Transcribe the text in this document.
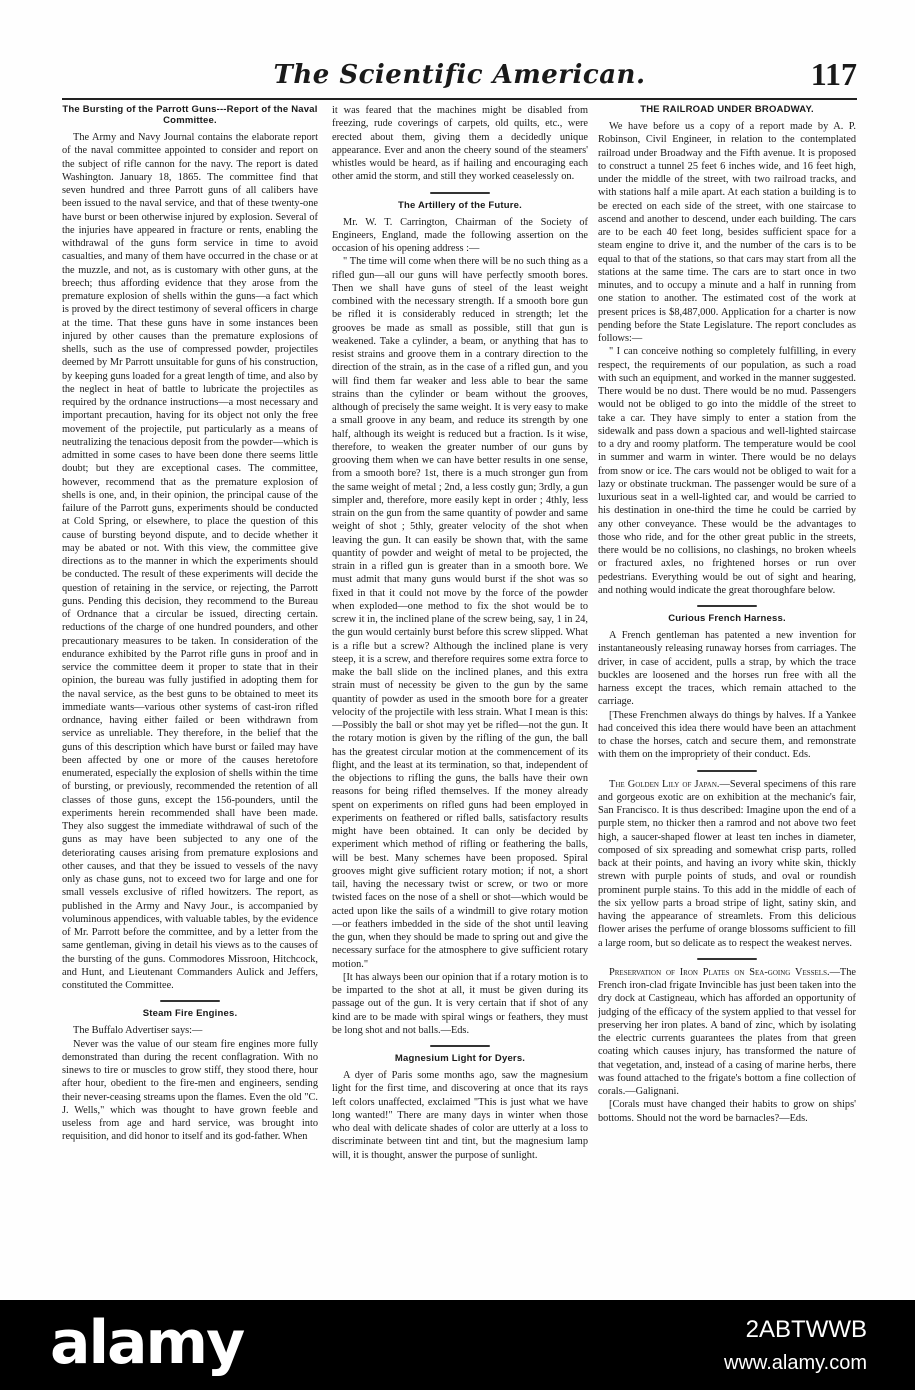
The Scientific American.	117
The Bursting of the Parrott Guns---Report of the Naval Committee.

The Army and Navy Journal contains the elaborate report of the naval committee appointed to consider and report on the subject of rifle cannon for the navy. The report is dated Washington. January 18, 1865. The committee find that seven hundred and three Parrott guns of all calibers have been issued to the naval service, and that of these twenty-one have burst or been otherwise injured by explosion. Several of the injuries have appeared in fracture or rents, enabling the withdrawal of the guns form service in time to avoid casualties, and many of them have occurred in the chase or at the muzzle, and not, as is customary with other guns, at the breech; thus affording evidence that they arose from the premature explosion of shells within the guns—a fact which is proved by the direct testimony of several officers in charge at the time. That these guns have in some instances been injured by other causes than the premature explosions of shells, such as the use of compressed powder, projectiles deemed by Mr Parrott unsuitable for guns of his construction, by keeping guns loaded for a great length of time, and also by the neglect in heat of battle to lubricate the projectiles as required by the ordnance instructions—a most necessary and important precaution, having for its object not only the free movement of the projectile, put particularly as a means of neutralizing the tenacious deposit from the powder—which is admitted in some cases to have been done there seems little doubt; but they are exceptional cases. The committee, however, recommend that as the premature explosion of shells is one, and, in their opinion, the principal cause of the failure of the Parrott guns, experiments should be conducted at Cold Spring, or elsewhere, to place the question of this cause of bursting beyond dispute, and to decide whether it may be abated or not. With this view, the committee give directions as to the manner in which the experiments should be conducted. The result of these experiments will decide the question of retaining in the service, or rejecting, the Parrott guns. Pending this decision, they recommend to the Bureau of Ordnance that a circular be issued, directing certain. reductions of the charge of one hundred pounders, and other precautionary measures to be taken. In consideration of the endurance exhibited by the Parrot rifle guns in proof and in service the committee deem it proper to state that in their opinion, the bureau was fully justified in adopting them for the naval service, as the best guns to be obtained to meet its immediate wants—various other systems of cast-iron rifled ordnance, having either failed or been withdrawn from service as unreliable. They therefore, in the belief that the guns of this description which have burst or failed may have been affected by one or more of the causes heretofore enumerated, especially the explosion of shells within the time of bursting, or previously, recommended the retention of all classes of those guns, except the 156-pounders, until the experiments herein recommended shall have been made. They also suggest the immediate withdrawal of such of the guns as may have been subjected to any one of the deteriorating causes arising from premature explosions and other causes, and that they be issued to vessels of the navy only as chase guns, not to exceed two for large and one for small vessels exclusive of rifled howitzers. The report, as published in the Army and Navy Jour., is accompanied by voluminous appendices, with valuable tables, by the evidence of Mr. Parrott before the committee, and by a letter from the same gentleman, giving in detail his views as to the causes of the bursting of the guns. Commodores Missroon, Hitchcock, and Hunt, and Lieutenant Commanders Aulick and Jeffers, constituted the Committee.

Steam Fire Engines.

The Buffalo Advertiser says:—

Never was the value of our steam fire engines more fully demonstrated than during the recent conflagration. With no sinews to tire or muscles to grow stiff, they stood there, hour after hour, obedient to the fire-men and engineers, sending their never-ceasing streams upon the flames. Even the old "C. J. Wells," which was thought to have grown feeble and useless from age and hard service, was brought into requisition, and did honor to itself and its god-father. When

it was feared that the machines might be disabled from freezing, rude coverings of carpets, old quilts, etc., were erected about them, giving them a decidedly unique appearance. Ever and anon the cheery sound of the steamers' whistles would be heard, as if hailing and encouraging each other amid the storm, and still they worked ceaselessly on.

The Artillery of the Future.

Mr. W. T. Carrington, Chairman of the Society of Engineers, England, made the following assertion on the occasion of his opening address :—

" The time will come when there will be no such thing as a rifled gun—all our guns will have perfectly smooth bores. Then we shall have guns of steel of the least weight combined with the necessary strength. If a smooth bore gun be rifled it is considerably reduced in strength; let the grooves be made as small as possible, still that gun is weakened. Take a cylinder, a beam, or anything that has to resist strains and groove them in a contrary direction to the direction of the strain, as in the case of a rifled gun, and you will find them far weaker and less able to bear the same strains than the cylinder or beam without the grooves, although of precisely the same weight. It is very easy to make a small groove in any beam, and reduce its strength by one half, although its weight is reduced but a fraction. Is it wise, therefore, to weaken the greater number of our guns by grooving them when we can have better results in one sense, from a smooth bore? 1st, there is a much stronger gun from the same weight of metal ; 2nd, a less costly gun; 3rdly, a gun simpler and, therefore, more easily kept in order ; 4thly, less strain on the gun from the same quantity of powder and same weight of shot ; 5thly, greater velocity of the shot when leaving the gun. It can easily be shown that, with the same quantity of powder and weight of metal to be projected, the strain in a rifled gun is greater than in a smooth bore. We must admit that many guns would burst if the shot was so fixed in that it could not move by the force of the powder when exploded—one method to fix the shot would be to screw it in, the inclined plane of the screw being, say, 1 in 24, the gun would certainly burst before this screw slipped. What is a rifle but a screw? Although the inclined plane is very steep, it is a screw, and therefore requires some extra force to make the ball slide on the inclined planes, and this extra strain must of necessity be given to the gun by the same quantity of powder as used in the smooth bore for a greater velocity of the projectile with less strain. What I mean is this:—Possibly the ball or shot may yet be rifled—not the gun. It the rotary motion is given by the rifling of the gun, the ball has the greatest circular motion at the commencement of its flight, and the least at its termination, so that, independent of the objections to rifling the guns, the balls have their own reasons for being rifled themselves. If the money already spent on experiments on rifled guns had been employed in experiments on feathered or rifled balls, satisfactory results might have been obtained. It can only be decided by experiment which method of rifling or feathering the balls, will be best. Many schemes have been proposed. Spiral grooves might give sufficient rotary motion; if not, a short tail, having the necessary twist or screw, or two or more twisted faces on the nose of a shell or shot—which would be acted upon like the sails of a windmill to give rotary motion—or feathers imbedded in the side of the shot until leaving the gun, when they should be made to spring out and give the necessary surface for the atmosphere to give sufficient rotary motion."

[It has always been our opinion that if a rotary motion is to be imparted to the shot at all, it must be given during its passage out of the gun. It is very certain that if shot of any kind are to be made with spiral wings or feathers, they must be long shot and not balls.—Eds.

Magnesium Light for Dyers.

A dyer of Paris some months ago, saw the magnesium light for the first time, and discovering at once that its rays left colors unaffected, exclaimed "This is just what we have long wanted!" There are many days in winter when those who deal with delicate shades of color are utterly at a loss to discriminate between tint and tint, but the magnesium lamp will, it is thought, answer the purpose of sunlight.

THE RAILROAD UNDER BROADWAY.

We have before us a copy of a report made by A. P. Robinson, Civil Engineer, in relation to the contemplated railroad under Broadway and the Fifth avenue. It is proposed to construct a tunnel 25 feet 6 inches wide, and 16 feet high, under the middle of the street, with two railroad tracks, and with stations half a mile apart. At each station a building is to be erected on each side of the street, with one staircase to ascend and another to descend, under each building. The cars are to be each 40 feet long, besides sufficient space for a steam engine to drive it, and the number of the cars is to be equal to that of the stations, so that cars may start from all the stations at the same time. The cars are to start once in two minutes, and to occupy a minute and a half in running from one station to another. The estimated cost of the work at present prices is $8,487,000. Application for a charter is now pending before the State Legislature. The report concludes as follows:—

" I can conceive nothing so completely fulfilling, in every respect, the requirements of our population, as such a road with such an equipment, and worked in the manner suggested. There would be no dust. There would be no mud. Passengers would not be obliged to go into the middle of the street to take a car. They have simply to enter a station from the sidewalk and pass down a spacious and well-lighted staircase to a dry and roomy platform. The temperature would be cool in summer and warm in winter. There would be no delays from snow or ice. The cars would not be obliged to wait for a lazy or obstinate truckman. The passenger would be sure of a luxurious seat in a well-lighted car, and would be carried to his destination in one-third the time he could be carried by any other conveyance. These would be the advantages to those who ride, and for the other great public in the streets, there would be no collisions, no clashings, no broken wheels or fractured axles, no frightened horses or run over pedestrians. Everything would be out of sight and hearing, and nothing would indicate the great thoroughfare below.

Curious French Harness.

A French gentleman has patented a new invention for instantaneously releasing runaway horses from carriages. The driver, in case of accident, pulls a strap, by which the trace buckles are loosened and the horses run free with all the harness except the traces, which remain attached to the carriage.

[These Frenchmen always do things by halves. If a Yankee had conceived this idea there would have been an attachment to chase the horses, catch and secure them, and remonstrate with them on the impropriety of their conduct. Eds.

The Golden Lily of Japan.—Several specimens of this rare and gorgeous exotic are on exhibition at the mechanic's fair, San Francisco. It is thus described: Imagine upon the end of a purple stem, no thicker then a ramrod and not above two feet high, a saucer-shaped flower at least ten inches in diameter, composed of six spreading and somewhat crisp parts, rolled back at their points, and having an ivory white skin, thickly strewn with purple points of studs, and oval or roundish prominent purple stains. To this add in the middle of each of the six yellow parts a broad stripe of light, satiny skin, and having the appearance of streamlets. From this delicious flower arises the perfume of orange blossoms sufficient to fill a large room, but so delicate as to respect the weakest nerves.

Preservation of Iron Plates on Sea-going Vessels.—The French iron-clad frigate Invincible has just been taken into the dry dock at Castigneau, which has afforded an opportunity of judging of the efficacy of the system applied to that vessel for preserving her iron plates. A band of zinc, which by isolating the electric currents guarantees the plates from that green coating which causes injury, has transformed the nature of that vegetation, and, instead of a casing of marine herbs, there was found attached to the frigate's bottom a fine collection of corals.—Galignani.

[Corals must have changed their habits to grow on ships' bottoms. Should not the word be barnacles?—Eds.

alamy	2ABTWWB
www.alamy.com
